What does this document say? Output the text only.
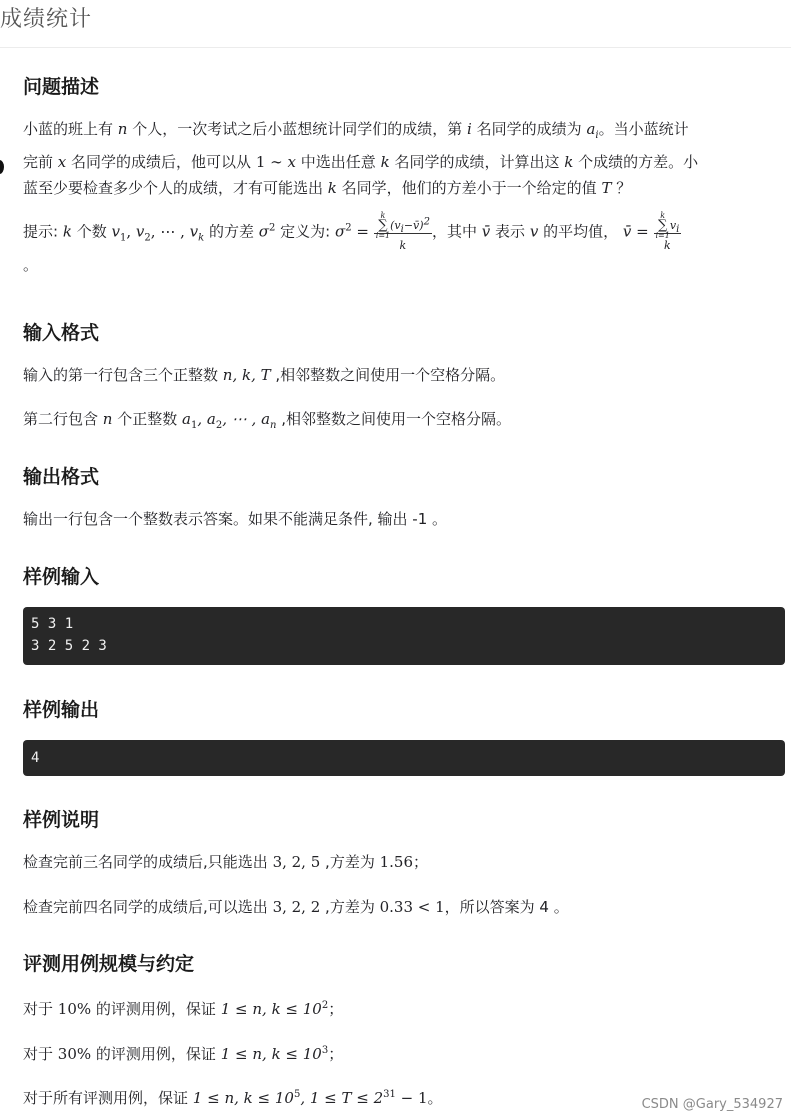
成绩统计
问题描述
小蓝的班上有 n 个人，一次考试之后小蓝想统计同学们的成绩，第 i 名同学的成绩为 $a_i$。当小蓝统计
完前 x 名同学的成绩后，他可以从 1 ∼ x 中选出任意 k 名同学的成绩，计算出这 k 个成绩的方差。小
蓝至少要检查多少个人的成绩，才有可能选出 k 名同学，他们的方差小于一个给定的值 T ？
提示: k 个数 $v_1$, $v_2$, ⋯ , $v_k$ 的方差 $\sigma^2$ 定义为: $\sigma^2 = k$
∑
i=1
$(v_i-v̄)^2$
k，其中 v̄ 表示 v 的平均值， v̄ = k
∑
i=1
$v_i$
k
。
输入格式
输入的第一行包含三个正整数 n, k, T ,相邻整数之间使用一个空格分隔。
第二行包含 n 个正整数 $a_1$, $a_2$, ⋯ , $a_n$ ,相邻整数之间使用一个空格分隔。
输出格式
输出一行包含一个整数表示答案。如果不能满足条件, 输出 -1 。
样例输入
5 3 1
3 2 5 2 3
样例输出
4
样例说明
检查完前三名同学的成绩后,只能选出 3, 2, 5 ,方差为 1.56；
检查完前四名同学的成绩后,可以选出 3, 2, 2 ,方差为 0.33 < 1，所以答案为 4 。
评测用例规模与约定
对于 10% 的评测用例，保证 1 ≤ n, $k \le 10^2$；
对于 30% 的评测用例，保证 1 ≤ n, $k \le 10^3$；
对于所有评测用例，保证 1 ≤ n, $k \le 10^5$, $1 \le T \le 2^{31} - 1$。	CSDN @Gary_534927
